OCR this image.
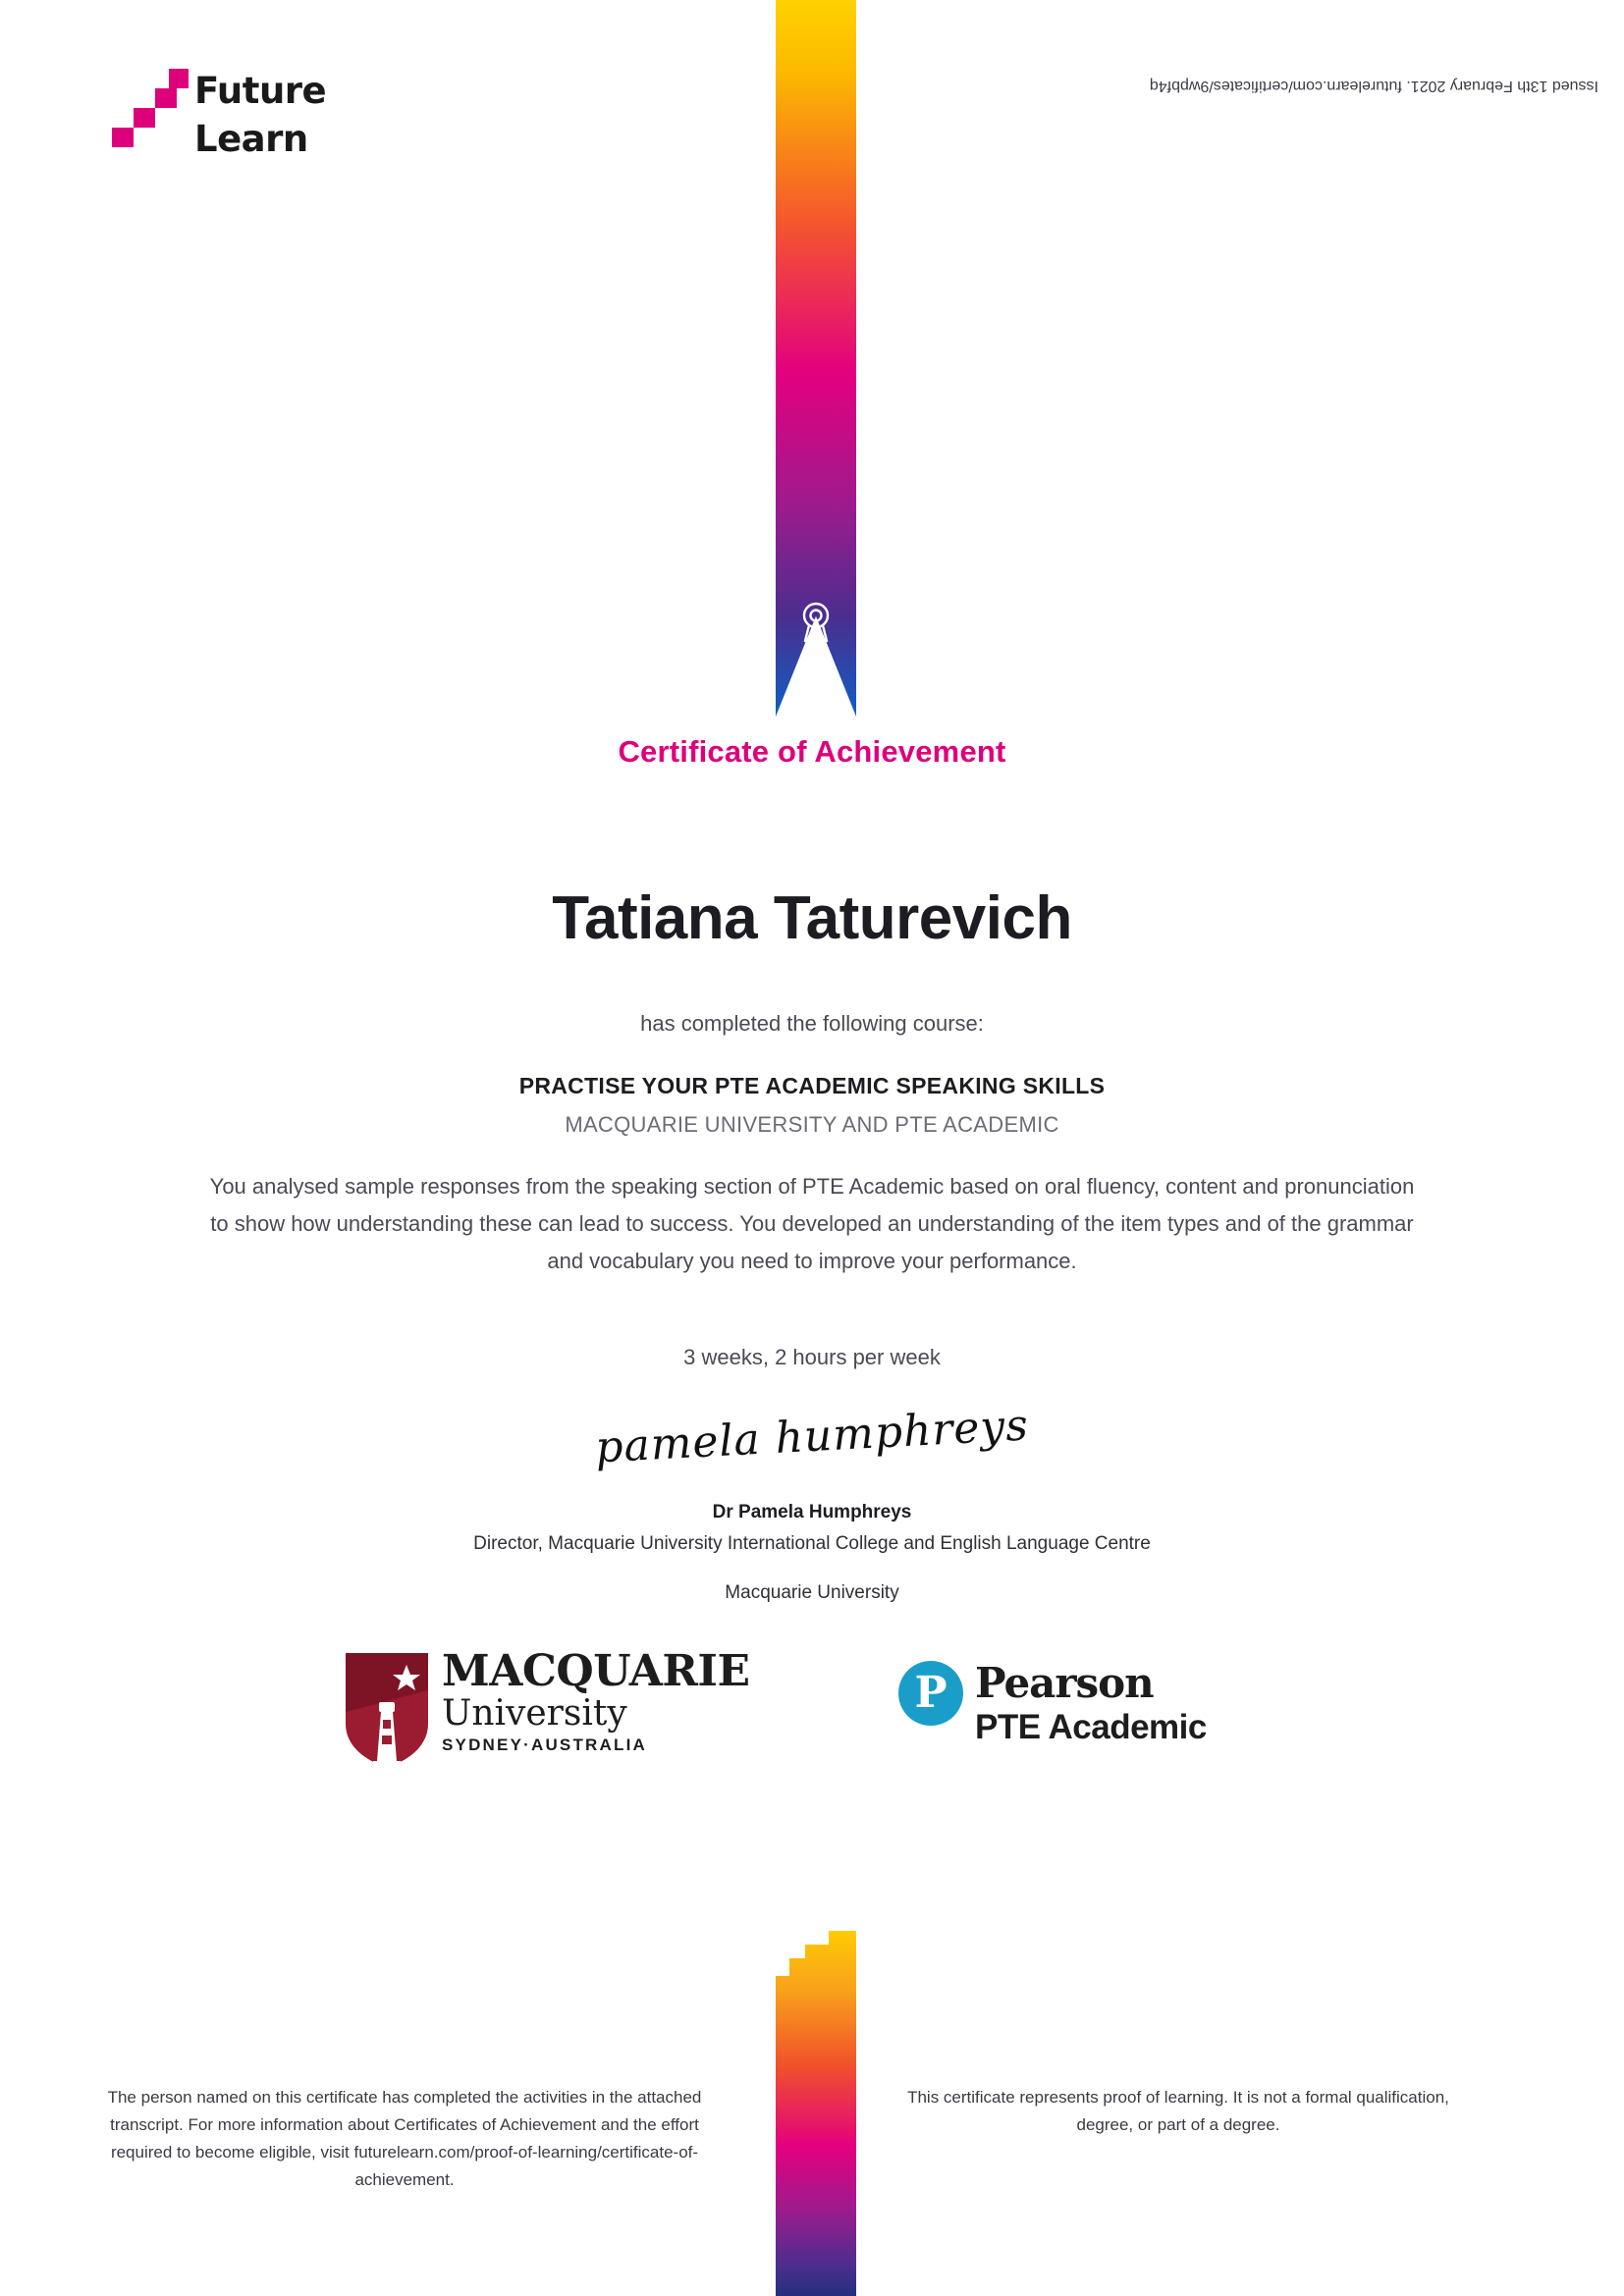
Future
Learn
Issued 13th February 2021. futurelearn.com/certificates/9wpbf4q
Certificate of Achievement
Tatiana Taturevich
has completed the following course:
PRACTISE YOUR PTE ACADEMIC SPEAKING SKILLS
MACQUARIE UNIVERSITY AND PTE ACADEMIC
You analysed sample responses from the speaking section of PTE Academic based on oral fluency, content and pronunciation to show how understanding these can lead to success. You developed an understanding of the item types and of the grammar and vocabulary you need to improve your performance.
3 weeks, 2 hours per week
pamela humphreys
Dr Pamela Humphreys
Director, Macquarie University International College and English Language Centre
Macquarie University
MACQUARIE
University
SYDNEY·AUSTRALIA
P Pearson
PTE Academic
The person named on this certificate has completed the activities in the attached transcript. For more information about Certificates of Achievement and the effort required to become eligible, visit futurelearn.com/proof-of-learning/certificate-of-achievement.
This certificate represents proof of learning. It is not a formal qualification, degree, or part of a degree.
